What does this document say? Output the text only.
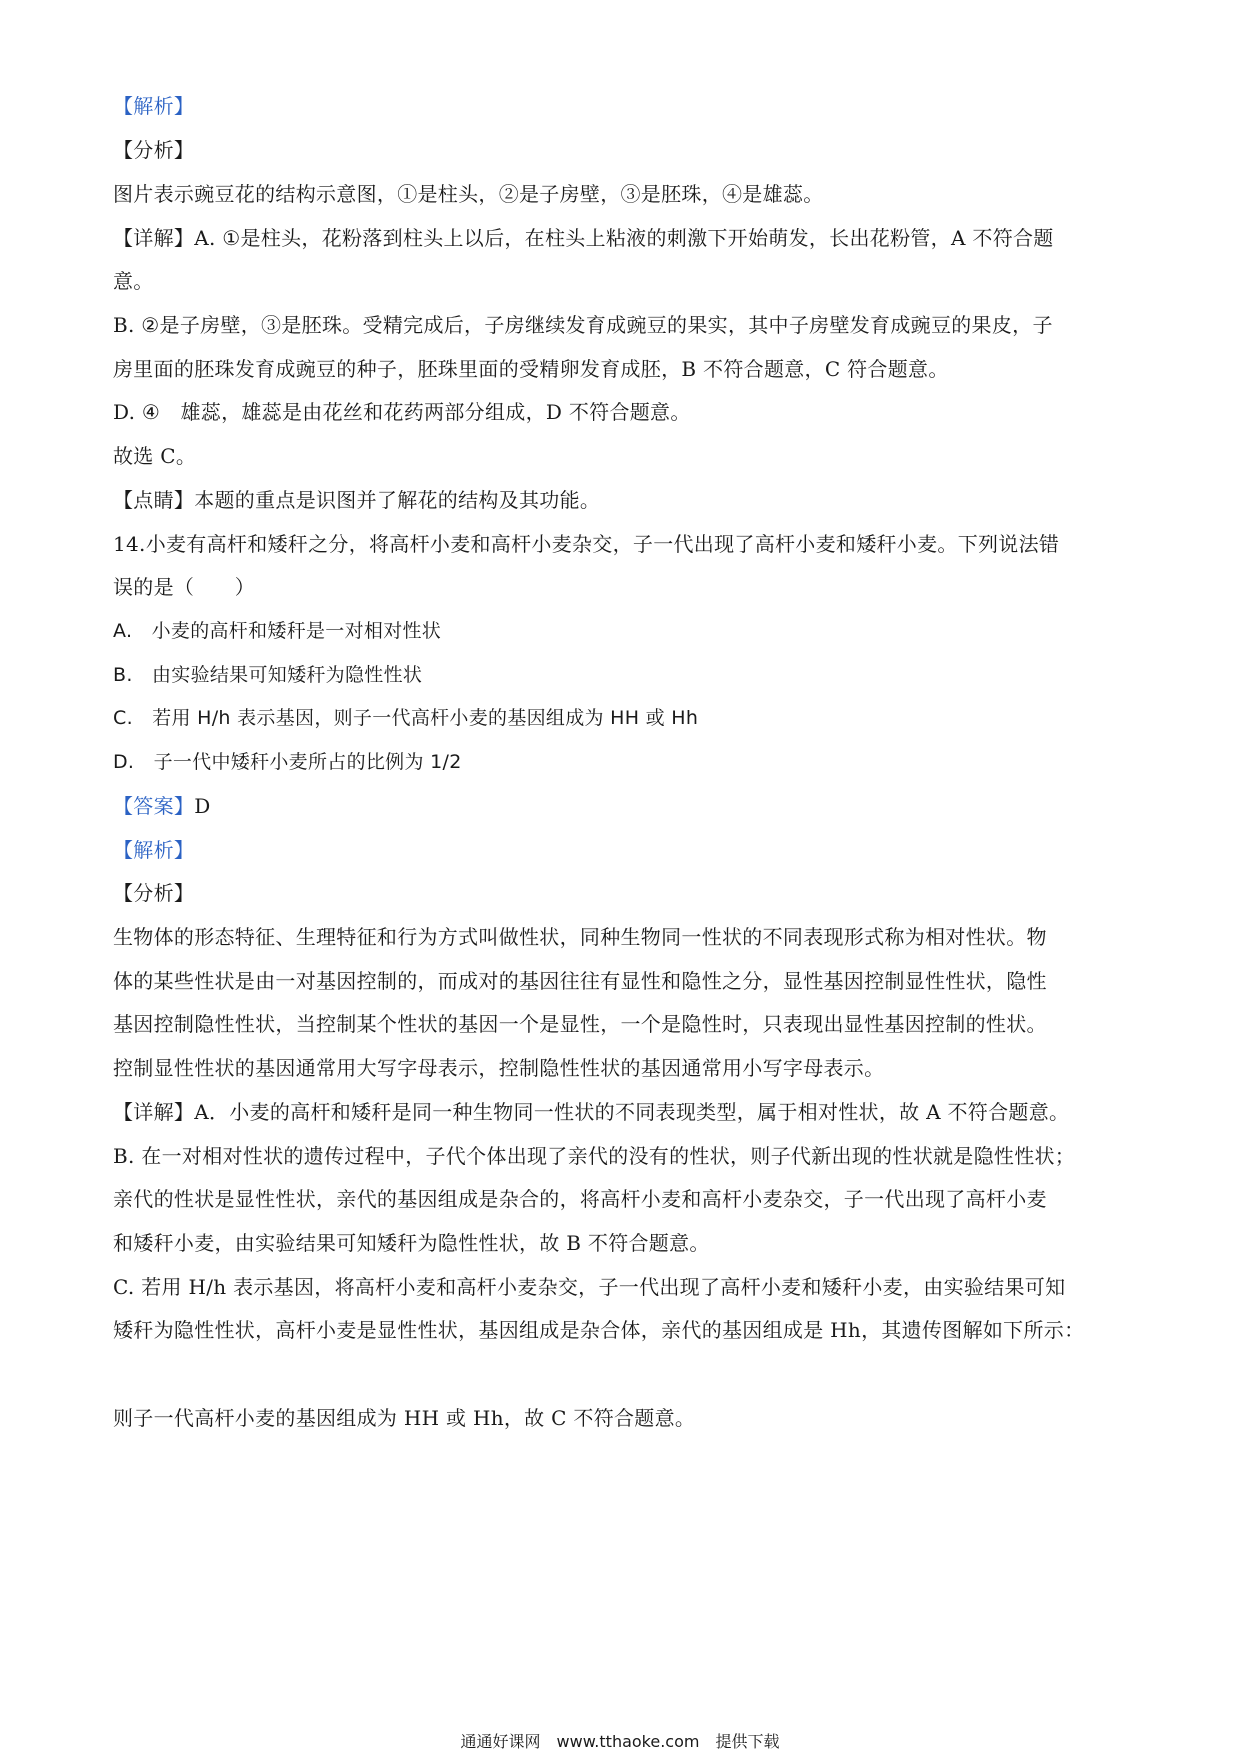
【解析】
【分析】
图片表示豌豆花的结构示意图，①是柱头，②是子房壁，③是胚珠，④是雄蕊。
【详解】A. ①是柱头，花粉落到柱头上以后，在柱头上粘液的刺激下开始萌发，长出花粉管，A 不符合题
意。
B. ②是子房壁，③是胚珠。受精完成后，子房继续发育成豌豆的果实，其中子房壁发育成豌豆的果皮，子
房里面的胚珠发育成豌豆的种子，胚珠里面的受精卵发育成胚，B 不符合题意，C 符合题意。
D. ④　雄蕊，雄蕊是由花丝和花药两部分组成，D 不符合题意。
故选 C。
【点睛】本题的重点是识图并了解花的结构及其功能。
14.小麦有高杆和矮秆之分，将高杆小麦和高杆小麦杂交，子一代出现了高杆小麦和矮秆小麦。下列说法错
误的是（　　）
A.　小麦的高杆和矮秆是一对相对性状
B.　由实验结果可知矮秆为隐性性状
C.　若用 H/h 表示基因，则子一代高杆小麦的基因组成为 HH 或 Hh
D.　子一代中矮秆小麦所占的比例为 1/2
【答案】D
【解析】
【分析】
生物体的形态特征、生理特征和行为方式叫做性状，同种生物同一性状的不同表现形式称为相对性状。物
体的某些性状是由一对基因控制的，而成对的基因往往有显性和隐性之分，显性基因控制显性性状，隐性
基因控制隐性性状，当控制某个性状的基因一个是显性，一个是隐性时，只表现出显性基因控制的性状。
控制显性性状的基因通常用大写字母表示，控制隐性性状的基因通常用小写字母表示。
【详解】A．小麦的高杆和矮秆是同一种生物同一性状的不同表现类型，属于相对性状，故 A 不符合题意。
B. 在一对相对性状的遗传过程中，子代个体出现了亲代的没有的性状，则子代新出现的性状就是隐性性状；
亲代的性状是显性性状，亲代的基因组成是杂合的，将高杆小麦和高杆小麦杂交，子一代出现了高杆小麦
和矮秆小麦，由实验结果可知矮秆为隐性性状，故 B 不符合题意。
C. 若用 H/h 表示基因，将高杆小麦和高杆小麦杂交，子一代出现了高杆小麦和矮秆小麦，由实验结果可知
矮秆为隐性性状，高杆小麦是显性性状，基因组成是杂合体，亲代的基因组成是 Hh，其遗传图解如下所示：
则子一代高杆小麦的基因组成为 HH 或 Hh，故 C 不符合题意。
通通好课网　www.tthaoke.com　提供下载
